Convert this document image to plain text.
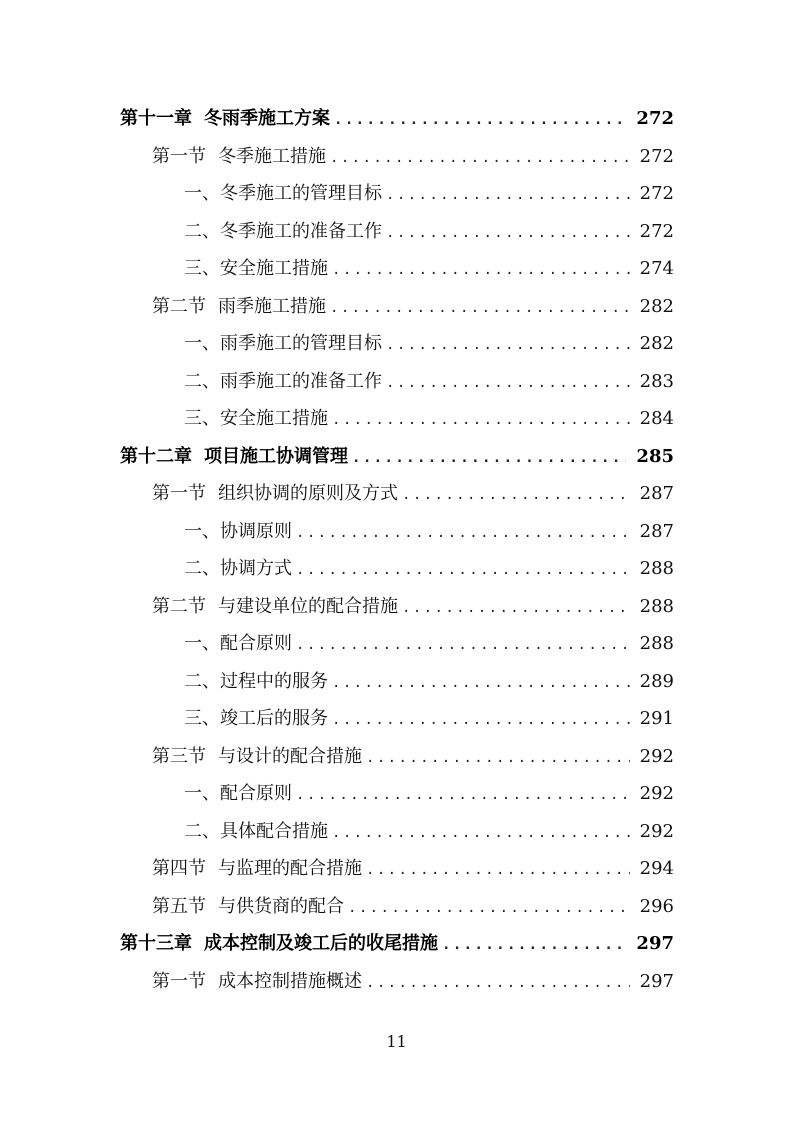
第十一章 冬雨季施工方案 .....	272
第一节 冬季施工措施 .....	272
一、冬季施工的管理目标 .....	272
二、冬季施工的准备工作 .....	272
三、安全施工措施 .....	274
第二节 雨季施工措施 .....	282
一、雨季施工的管理目标 .....	282
二、雨季施工的准备工作 .....	283
三、安全施工措施 .....	284
第十二章 项目施工协调管理 .....	285
第一节 组织协调的原则及方式 .....	287
一、协调原则 .....	287
二、协调方式 .....	288
第二节 与建设单位的配合措施 .....	288
一、配合原则 .....	288
二、过程中的服务 .....	289
三、竣工后的服务 .....	291
第三节 与设计的配合措施 .....	292
一、配合原则 .....	292
二、具体配合措施 .....	292
第四节 与监理的配合措施 .....	294
第五节 与供货商的配合 .....	296
第十三章 成本控制及竣工后的收尾措施 .....	297
第一节 成本控制措施概述 .....	297
11
